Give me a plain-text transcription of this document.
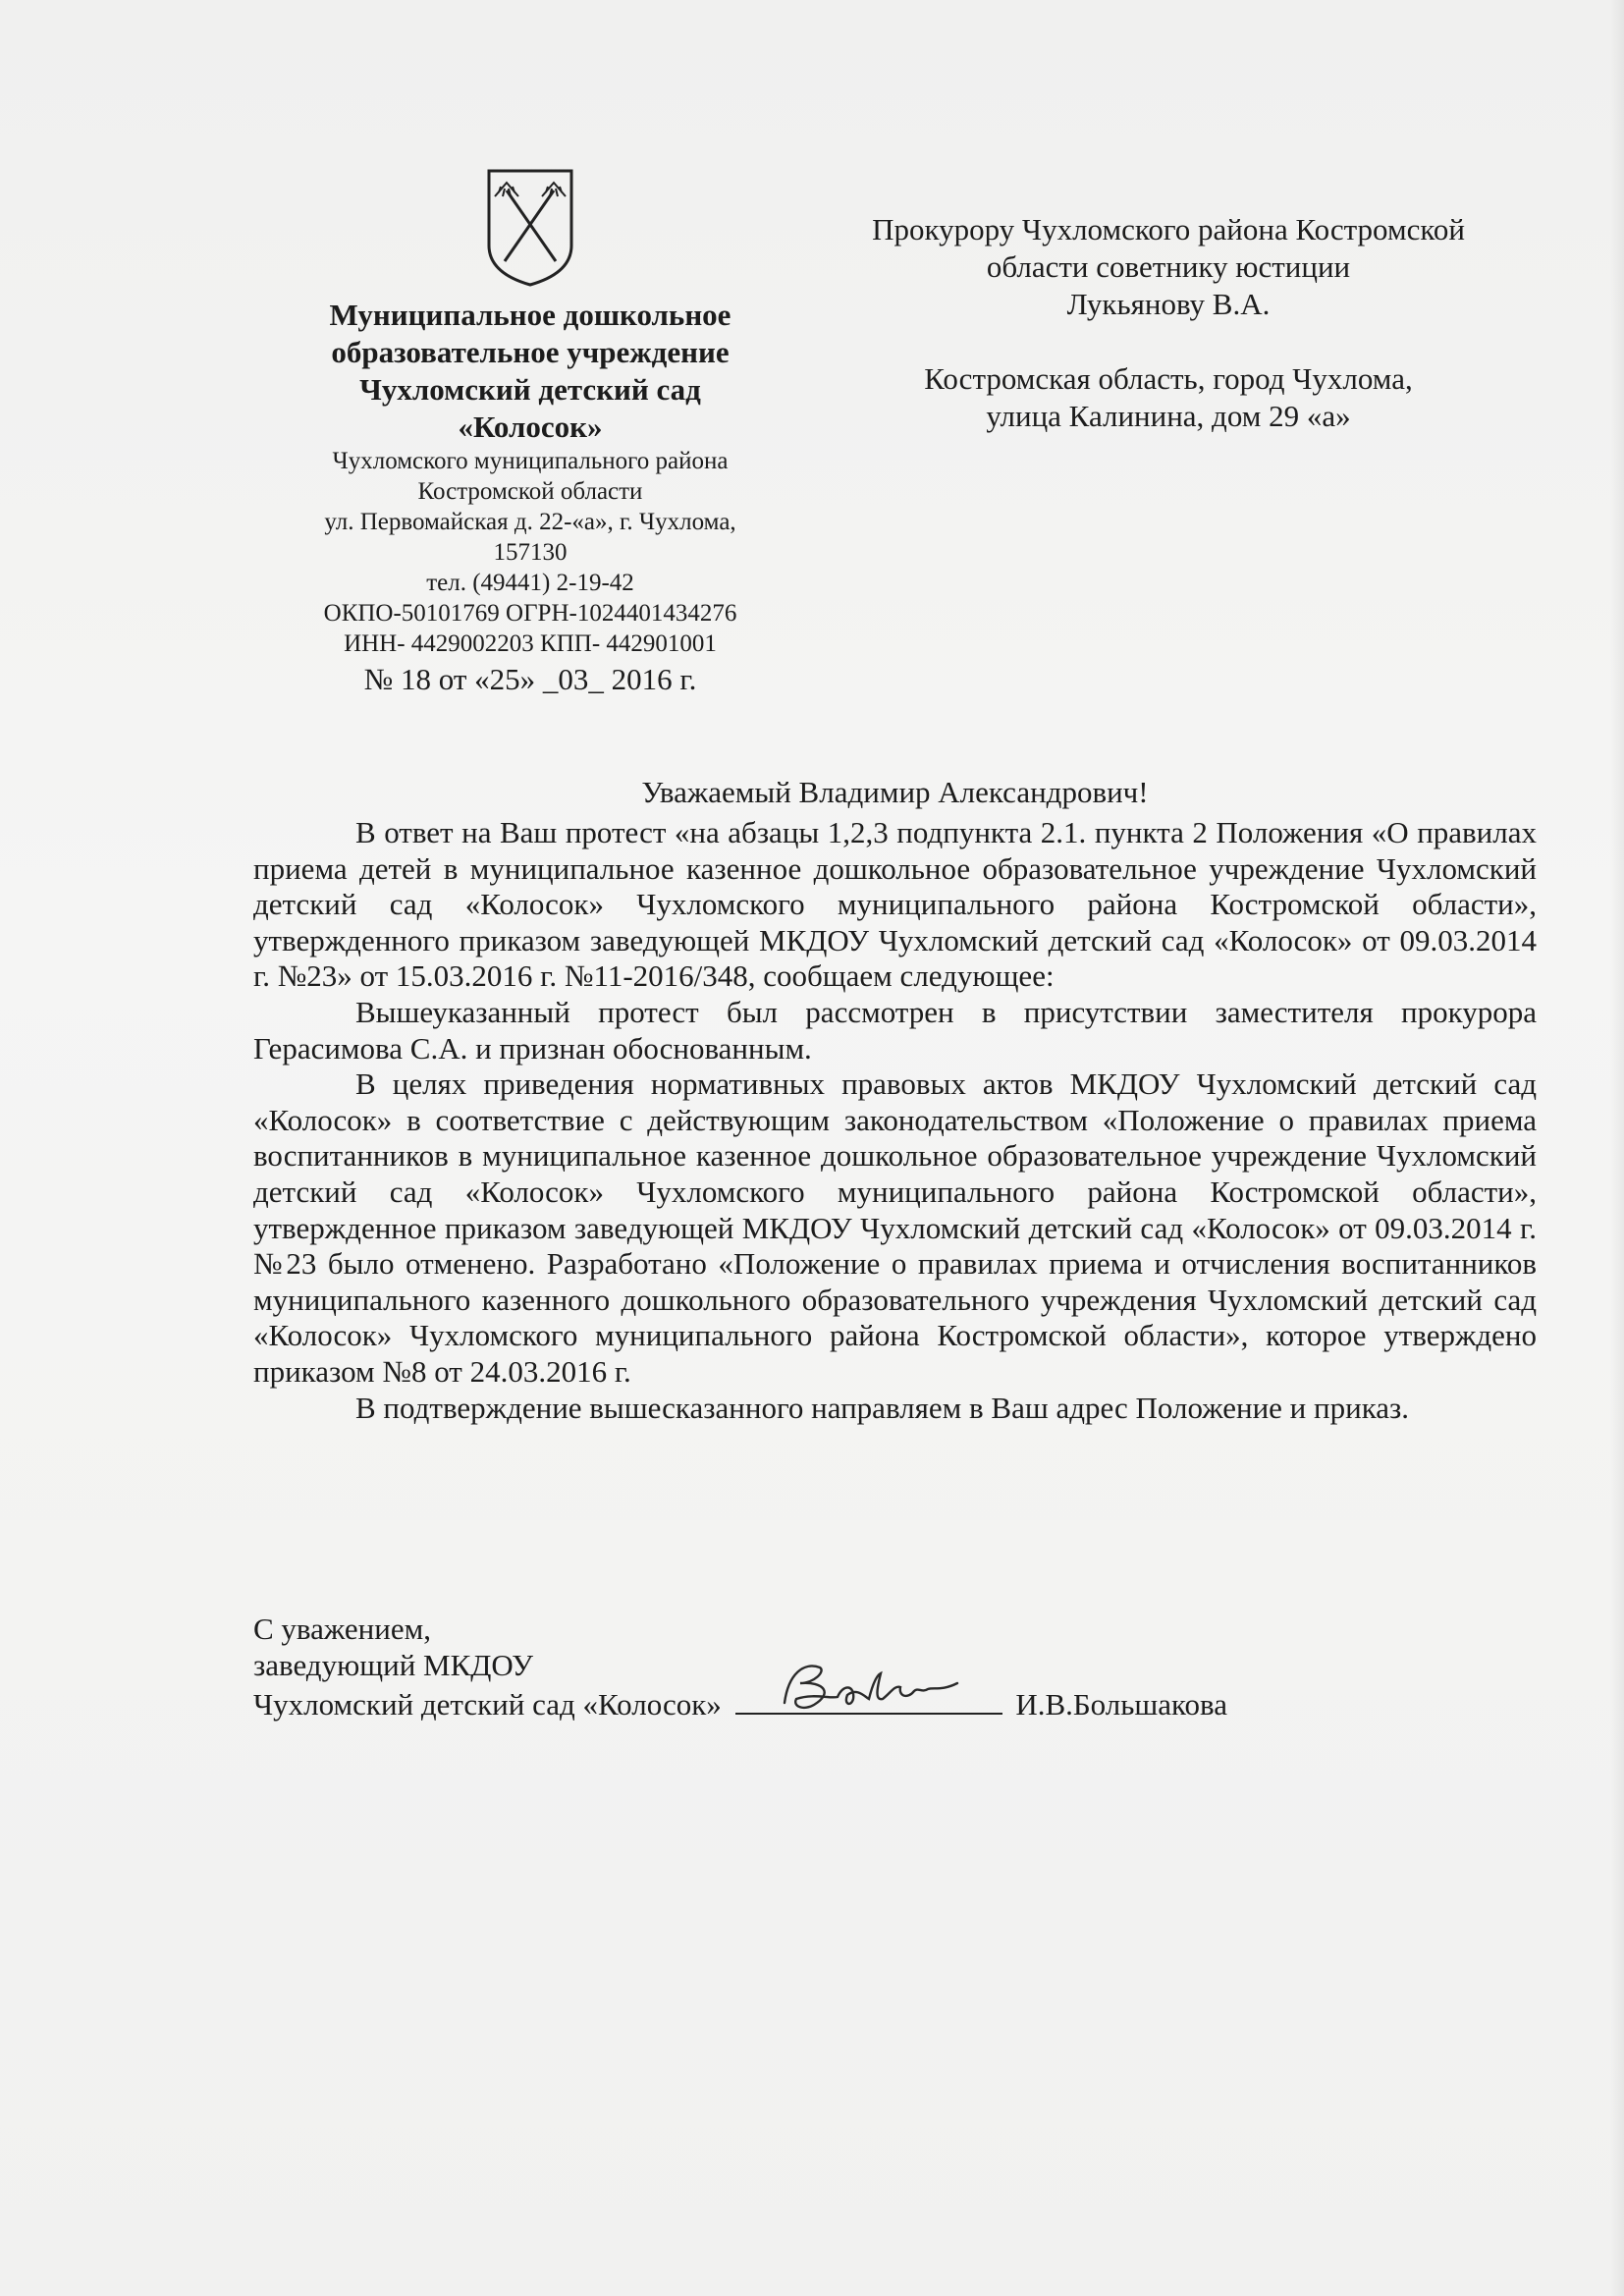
Муниципальное дошкольное
образовательное учреждение
Чухломский детский сад
«Колосок»
Чухломского муниципального района
Костромской области
ул. Первомайская д. 22-«а», г. Чухлома,
157130
тел. (49441) 2-19-42
ОКПО-50101769 ОГРН-1024401434276
ИНН- 4429002203 КПП- 442901001
№ 18 от «25» _03_ 2016 г.
Прокурору Чухломского района Костромской
области советнику юстиции
Лукьянову В.А.
Костромская область, город Чухлома,
улица Калинина, дом 29 «а»
Уважаемый Владимир Александрович!

В ответ на Ваш протест «на абзацы 1,2,3 подпункта 2.1. пункта 2 Положения «О правилах приема детей в муниципальное казенное дошкольное образовательное учреждение Чухломский детский сад «Колосок» Чухломского муниципального района Костромской области», утвержденного приказом заведующей МКДОУ Чухломский детский сад «Колосок» от 09.03.2014 г. №23» от 15.03.2016 г. №11-2016/348, сообщаем следующее:

Вышеуказанный протест был рассмотрен в присутствии заместителя прокурора Герасимова С.А. и признан обоснованным.

В целях приведения нормативных правовых актов МКДОУ Чухломский детский сад «Колосок» в соответствие с действующим законодательством «Положение о правилах приема воспитанников в муниципальное казенное дошкольное образовательное учреждение Чухломский детский сад «Колосок» Чухломского муниципального района Костромской области», утвержденное приказом заведующей МКДОУ Чухломский детский сад «Колосок» от 09.03.2014 г. №23 было отменено. Разработано «Положение о правилах приема и отчисления воспитанников муниципального казенного дошкольного образовательного учреждения Чухломский детский сад «Колосок» Чухломского муниципального района Костромской области», которое утверждено приказом №8 от 24.03.2016 г.

В подтверждение вышесказанного направляем в Ваш адрес Положение и приказ.

С уважением,
заведующий МКДОУ
Чухломский детский сад «Колосок»	И.В.Большакова
